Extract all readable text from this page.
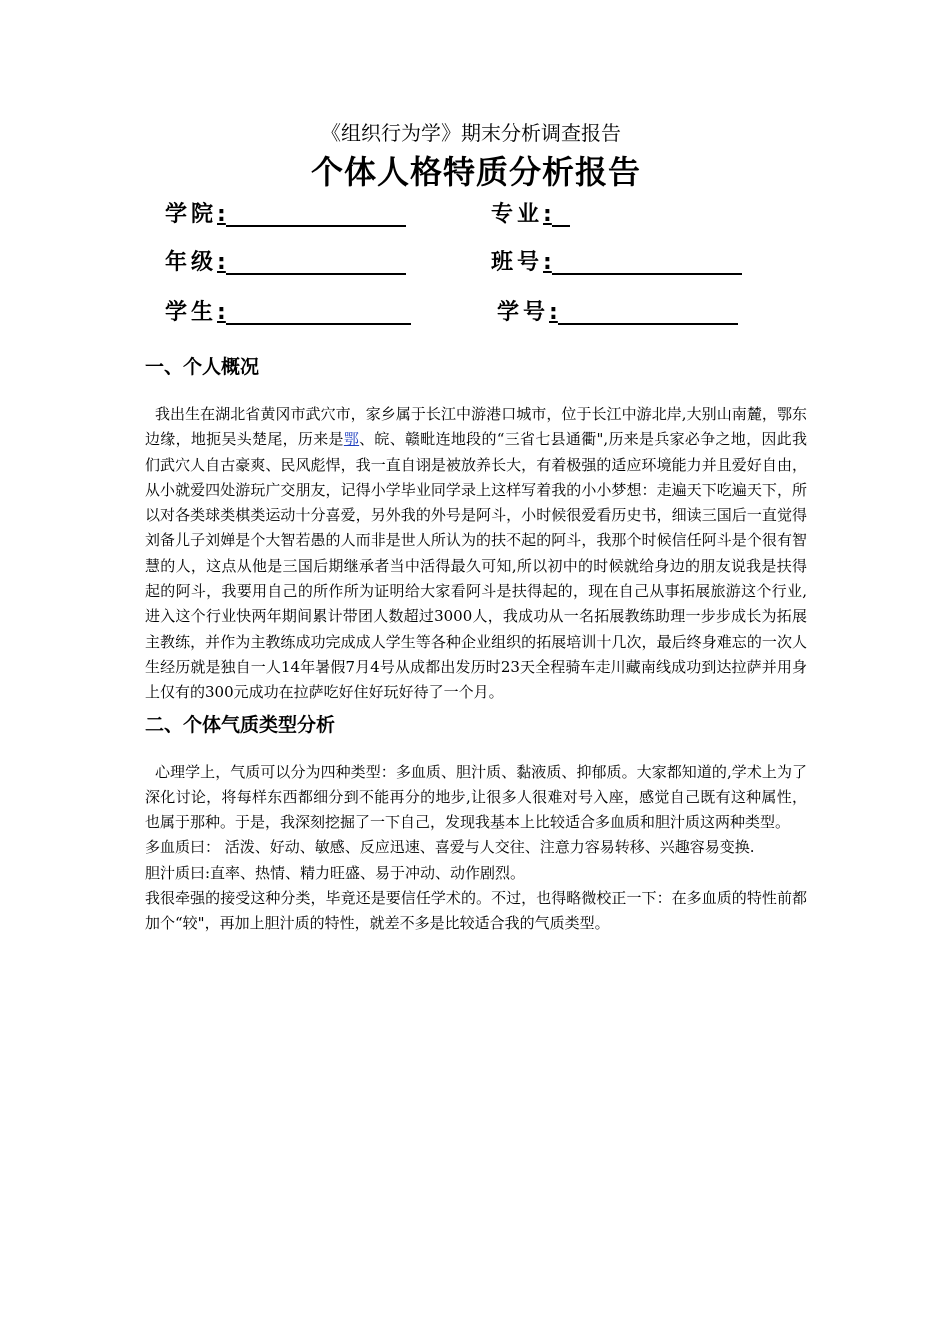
《组织行为学》期末分析调查报告

个体人格特质分析报告
学院 :	专业 :
年级 :	班号 :
学生 :	学号 :
一、个人概况

我出生在湖北省黄冈市武穴市，家乡属于长江中游港口城市，位于长江中游北岸,大别山南麓，鄂东边缘，地扼吴头楚尾，历来是鄂、皖、赣毗连地段的“三省七县通衢",历来是兵家必争之地，因此我们武穴人自古豪爽、民风彪悍，我一直自诩是被放养长大，有着极强的适应环境能力并且爱好自由，从小就爱四处游玩广交朋友，记得小学毕业同学录上这样写着我的小小梦想：走遍天下吃遍天下，所以对各类球类棋类运动十分喜爱，另外我的外号是阿斗，小时候很爱看历史书，细读三国后一直觉得刘备儿子刘婵是个大智若愚的人而非是世人所认为的扶不起的阿斗，我那个时候信任阿斗是个很有智慧的人，这点从他是三国后期继承者当中活得最久可知,所以初中的时候就给身边的朋友说我是扶得起的阿斗，我要用自己的所作所为证明给大家看阿斗是扶得起的，现在自己从事拓展旅游这个行业,进入这个行业快两年期间累计带团人数超过3000人，我成功从一名拓展教练助理一步步成长为拓展主教练，并作为主教练成功完成成人学生等各种企业组织的拓展培训十几次，最后终身难忘的一次人生经历就是独自一人14年暑假7月4号从成都出发历时23天全程骑车走川藏南线成功到达拉萨并用身上仅有的300元成功在拉萨吃好住好玩好待了一个月。

二、个体气质类型分析

心理学上，气质可以分为四种类型：多血质、胆汁质、黏液质、抑郁质。大家都知道的,学术上为了深化讨论，将每样东西都细分到不能再分的地步,让很多人很难对号入座，感觉自己既有这种属性，也属于那种。于是，我深刻挖掘了一下自己，发现我基本上比较适合多血质和胆汁质这两种类型。

多血质曰： 活泼、好动、敏感、反应迅速、喜爱与人交往、注意力容易转移、兴趣容易变换.

胆汁质曰:直率、热情、精力旺盛、易于冲动、动作剧烈。

我很牵强的接受这种分类，毕竟还是要信任学术的。不过，也得略微校正一下：在多血质的特性前都加个“较"，再加上胆汁质的特性，就差不多是比较适合我的气质类型。
